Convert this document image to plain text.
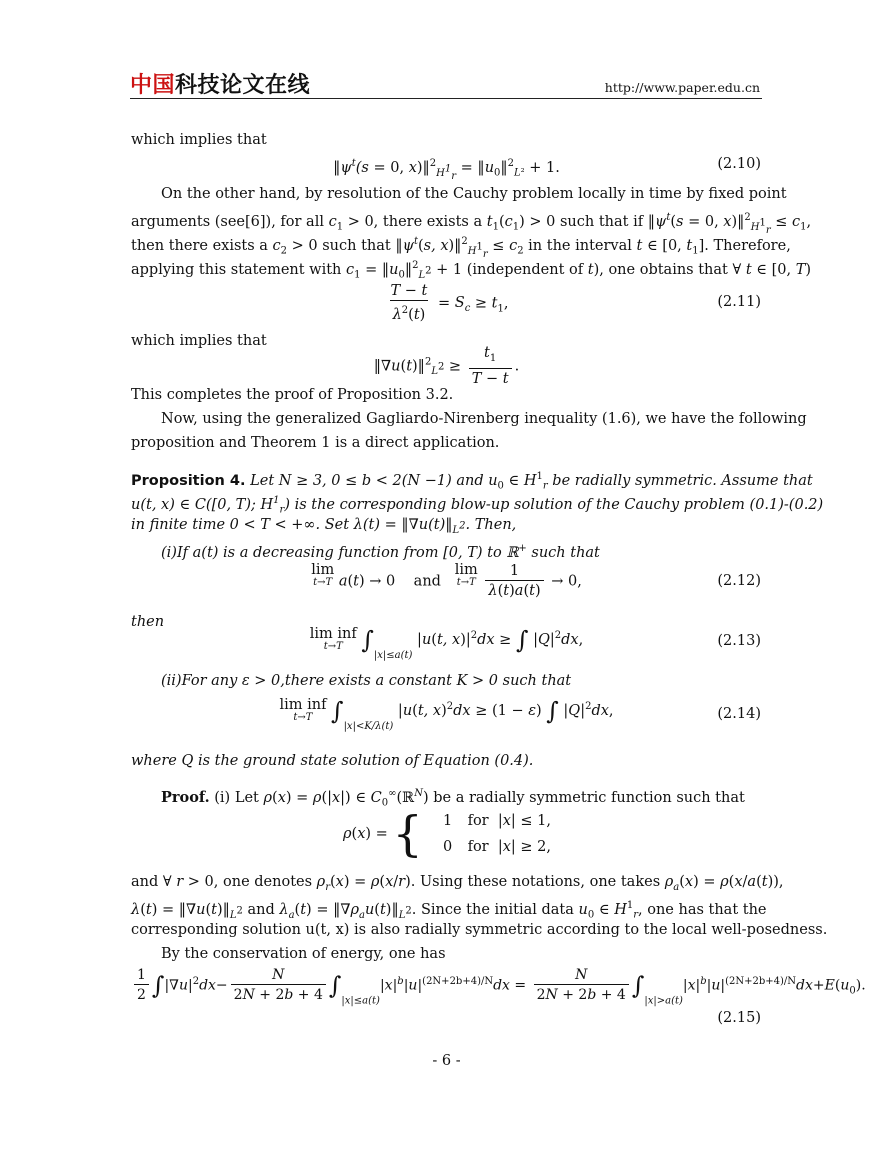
中国科技论文在线	http://www.paper.edu.cn
which implies that
$‖\psi^t(s = 0$, x)‖$^2_{H^1_r}$ = $‖u_0‖^2_{L^2} + 1$.	(2.10)
On the other hand, by resolution of the Cauchy problem locally in time by fixed point
arguments (see[6]), for all $c_1 > 0$, there exists a $t_1(c_1) > 0$ such that if $‖\psi^t(s = 0$, x)‖$^2_{H^1_r}$ ≤ $c_1$,
then there exists a $c_2 > 0$ such that $‖\psi^t(s$, x)‖$^2_{H^1_r}$ ≤ $c_2$ in the interval t ∈ [0, $t_1$]. Therefore,
applying this statement with $c_1$ = $‖u_0‖^2_{L^2} + 1$ (independent of t), one obtains that ∀ t ∈ [0, T)
$\frac{T - t}{\lambda^2(t)} = S_c \ge t_1$,	(2.11)
which implies that
‖∇u(t)‖$^2_{L^2}$ ≥ $\frac{t_1}{T - t}$ .
This completes the proof of Proposition 3.2.
Now, using the generalized Gagliardo-Nirenberg inequality (1.6), we have the following
proposition and Theorem 1 is a direct application.
Proposition 4. Let N ≥ 3, 0 ≤ b < 2(N −1) and $u_0$ ∈ $H^1_r$ be radially symmetric. Assume that
u(t, x) ∈ C([0, T); $H^1_r$) is the corresponding blow-up solution of the Cauchy problem (0.1)-(0.2)
in finite time 0 < T < +∞. Set $\lambda(t) = ‖\nabla u(t)‖_{L^2}$. Then,
(i)If a(t) is a decreasing function from [0, T) to ℝ+ such that
lim
t→T a(t) → 0    and   lim
t→T
$\frac{1}{\lambda(t)a(t)} \to 0$,	(2.12)
then
lim inf
t→T $\int_{|x|\le a(t)}$ |u(t, $x)|^2dx$ ≥ ∫ $|Q|^2dx$,	(2.13)
(ii)For any ε > 0,there exists a constant K > 0 such that
lim inf
t→T $\int_{|x|<K/\lambda(t)}$ |u(t, x)$^2$dx ≥ (1 − ε) ∫ $|Q|^2dx$,	(2.14)
where Q is the ground state solution of Equation (0.4).
Proof. (i) Let ρ(x) = ρ(|x|) ∈ $C_0^\infty(ℝ^N)$ be a radially symmetric function such that
ρ(x) = { 1 for  |x| ≤ 1,
0 for  |x| ≥ 2,
and ∀ r > 0, one denotes $\rho_r(x) = \rho(x/r)$. Using these notations, one takes $\rho_a(x) = \rho(x/a(t))$,
$\lambda(t) = ‖\nabla u(t)‖_{L^2}$ and $\lambda_a(t)$ = $‖\nabla\rho_au(t)‖_{L^2}$. Since the initial data $u_0$ ∈ $H^1_r$, one has that the
corresponding solution u(t, x) is also radially symmetric according to the local well-posedness.
By the conservation of energy, one has
$\frac{1}{2} \int|\nabla u|^2dx- \frac{N}{2N + 2b + 4} \int_{|x|\le a(t)}|x|^b|u|^{(2N+2b+4)/N}dx = \frac{N}{2N + 2b + 4} \int_{|x|>a(t)}|x|^b|u|^{(2N+2b+4)/N}dx+E(u_0)$.
(2.15)
- 6 -
